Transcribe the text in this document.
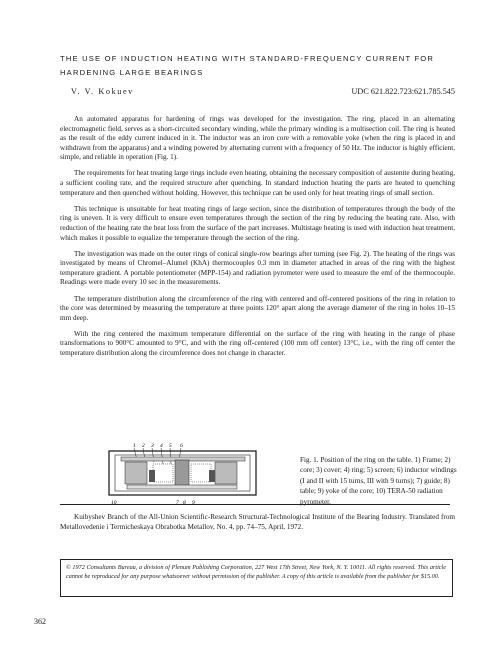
THE USE OF INDUCTION HEATING WITH STANDARD-FREQUENCY CURRENT FOR HARDENING LARGE BEARINGS
V. V. Kokuev	UDC 621.822.723:621.785.545

An automated apparatus for hardening of rings was developed for the investigation. The ring, placed in an alternating electromagnetic field, serves as a short-circuited secondary winding, while the primary winding is a multisection coil. The ring is heated as the result of the eddy current induced in it. The inductor was an iron core with a removable yoke (when the ring is placed in and withdrawn from the apparatus) and a winding powered by alternating current with a frequency of 50 Hz. The inductor is highly efficient, simple, and reliable in operation (Fig. 1).

The requirements for heat treating large rings include even heating, obtaining the necessary composition of austenite during heating, a sufficient cooling rate, and the required structure after quenching. In standard induction heating the parts are heated to quenching temperature and then quenched without holding. However, this technique can be used only for heat treating rings of small section.

This technique is unsuitable for heat treating rings of large section, since the distribution of temperatures through the body of the ring is uneven. It is very difficult to ensure even temperatures through the section of the ring by reducing the heating rate. Also, with reduction of the heating rate the heat loss from the surface of the part increases. Multistage heating is used with induction heat treatment, which makes it possible to equalize the temperature through the section of the ring.

The investigation was made on the outer rings of conical single-row bearings after turning (see Fig. 2). The heating of the rings was investigated by means of Chromel–Alumel (KhA) thermocouples 0.3 mm in diameter attached in areas of the ring with the highest temperature gradient. A portable potentiometer (MPP-154) and radiation pyrometer were used to measure the emf of the thermocouple. Readings were made every 10 sec in the measurements.

The temperature distribution along the circumference of the ring with centered and off-centered positions of the ring in relation to the core was determined by measuring the temperature at three points 120° apart along the average diameter of the ring in holes 10–15 mm deep.

With the ring centered the maximum temperature differential on the surface of the ring with heating in the range of phase transformations to 900°C amounted to 9°C, and with the ring off-centered (100 mm off center) 13°C, i.e., with the ring off center the temperature distribution along the circumference does not change in character.

1 2 3 4 5 6
10	7 8 9
Fig. 1. Position of the ring on the table. 1) Frame; 2) core; 3) cover; 4) ring; 5) screen; 6) inductor windings (I and II with 15 turns, III with 9 turns); 7) guide; 8) table; 9) yoke of the core; 10) TERA-50 radiation pyrometer.
Kuibyshev Branch of the All-Union Scientific-Research Structural-Technological Institute of the Bearing Industry. Translated from Metallovedenie i Termicheskaya Obrabotka Metallov, No. 4, pp. 74–75, April, 1972.
© 1972 Consultants Bureau, a division of Plenum Publishing Corporation, 227 West 17th Street, New York, N. Y. 10011. All rights reserved. This article cannot be reproduced for any purpose whatsoever without permission of the publisher. A copy of this article is available from the publisher for $15.00.
362
